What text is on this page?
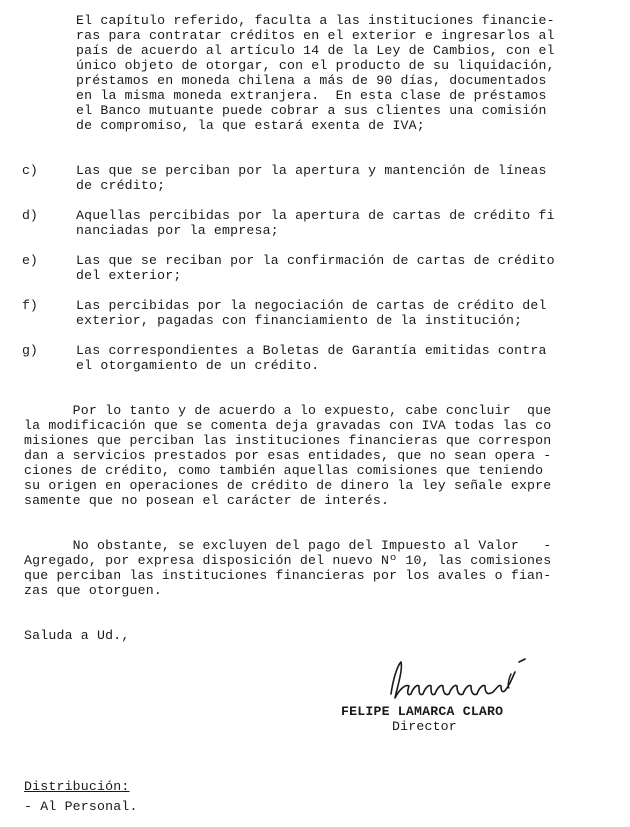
El capítulo referido, faculta a las instituciones financie-
ras para contratar créditos en el exterior e ingresarlos al
país de acuerdo al artículo 14 de la Ley de Cambios, con el
único objeto de otorgar, con el producto de su liquidación,
préstamos en moneda chilena a más de 90 días, documentados
en la misma moneda extranjera.  En esta clase de préstamos
el Banco mutuante puede cobrar a sus clientes una comisión
de compromiso, la que estará exenta de IVA;
c)	Las que se perciban por la apertura y mantención de líneas
de crédito;
d)	Aquellas percibidas por la apertura de cartas de crédito fi
nanciadas por la empresa;
e)	Las que se reciban por la confirmación de cartas de crédito
del exterior;
f)	Las percibidas por la negociación de cartas de crédito del
exterior, pagadas con financiamiento de la institución;
g)	Las correspondientes a Boletas de Garantía emitidas contra
el otorgamiento de un crédito.
Por lo tanto y de acuerdo a lo expuesto, cabe concluir  que
la modificación que se comenta deja gravadas con IVA todas las co
misiones que perciban las instituciones financieras que correspon
dan a servicios prestados por esas entidades, que no sean opera -
ciones de crédito, como también aquellas comisiones que teniendo
su origen en operaciones de crédito de dinero la ley señale expre
samente que no posean el carácter de interés.
No obstante, se excluyen del pago del Impuesto al Valor   -
Agregado, por expresa disposición del nuevo Nº 10, las comisiones
que perciban las instituciones financieras por los avales o fian-
zas que otorguen.
Saluda a Ud.,
FELIPE LAMARCA CLARO
Director
Distribución:
- Al Personal.
